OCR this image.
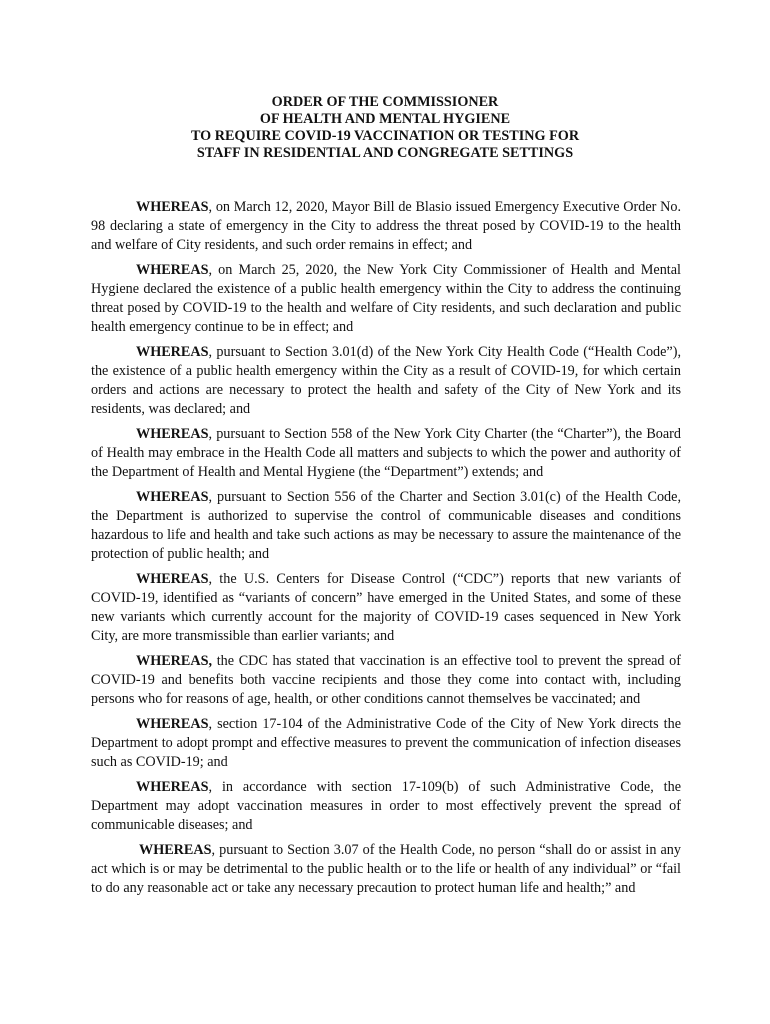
ORDER OF THE COMMISSIONER
OF HEALTH AND MENTAL HYGIENE
TO REQUIRE COVID-19 VACCINATION OR TESTING FOR
STAFF IN RESIDENTIAL AND CONGREGATE SETTINGS

WHEREAS, on March 12, 2020, Mayor Bill de Blasio issued Emergency Executive Order No. 98 declaring a state of emergency in the City to address the threat posed by COVID-19 to the health and welfare of City residents, and such order remains in effect; and

WHEREAS, on March 25, 2020, the New York City Commissioner of Health and Mental Hygiene declared the existence of a public health emergency within the City to address the continuing threat posed by COVID-19 to the health and welfare of City residents, and such declaration and public health emergency continue to be in effect; and

WHEREAS, pursuant to Section 3.01(d) of the New York City Health Code (“Health Code”), the existence of a public health emergency within the City as a result of COVID-19, for which certain orders and actions are necessary to protect the health and safety of the City of New York and its residents, was declared; and

WHEREAS, pursuant to Section 558 of the New York City Charter (the “Charter”), the Board of Health may embrace in the Health Code all matters and subjects to which the power and authority of the Department of Health and Mental Hygiene (the “Department”) extends; and

WHEREAS, pursuant to Section 556 of the Charter and Section 3.01(c) of the Health Code, the Department is authorized to supervise the control of communicable diseases and conditions hazardous to life and health and take such actions as may be necessary to assure the maintenance of the protection of public health; and

WHEREAS, the U.S. Centers for Disease Control (“CDC”) reports that new variants of COVID-19, identified as “variants of concern” have emerged in the United States, and some of these new variants which currently account for the majority of COVID-19 cases sequenced in New York City, are more transmissible than earlier variants; and

WHEREAS, the CDC has stated that vaccination is an effective tool to prevent the spread of COVID-19 and benefits both vaccine recipients and those they come into contact with, including persons who for reasons of age, health, or other conditions cannot themselves be vaccinated; and

WHEREAS, section 17-104 of the Administrative Code of the City of New York directs the Department to adopt prompt and effective measures to prevent the communication of infection diseases such as COVID-19; and

WHEREAS, in accordance with section 17-109(b) of such Administrative Code, the Department may adopt vaccination measures in order to most effectively prevent the spread of communicable diseases; and

WHEREAS, pursuant to Section 3.07 of the Health Code, no person “shall do or assist in any act which is or may be detrimental to the public health or to the life or health of any individual” or “fail to do any reasonable act or take any necessary precaution to protect human life and health;” and
